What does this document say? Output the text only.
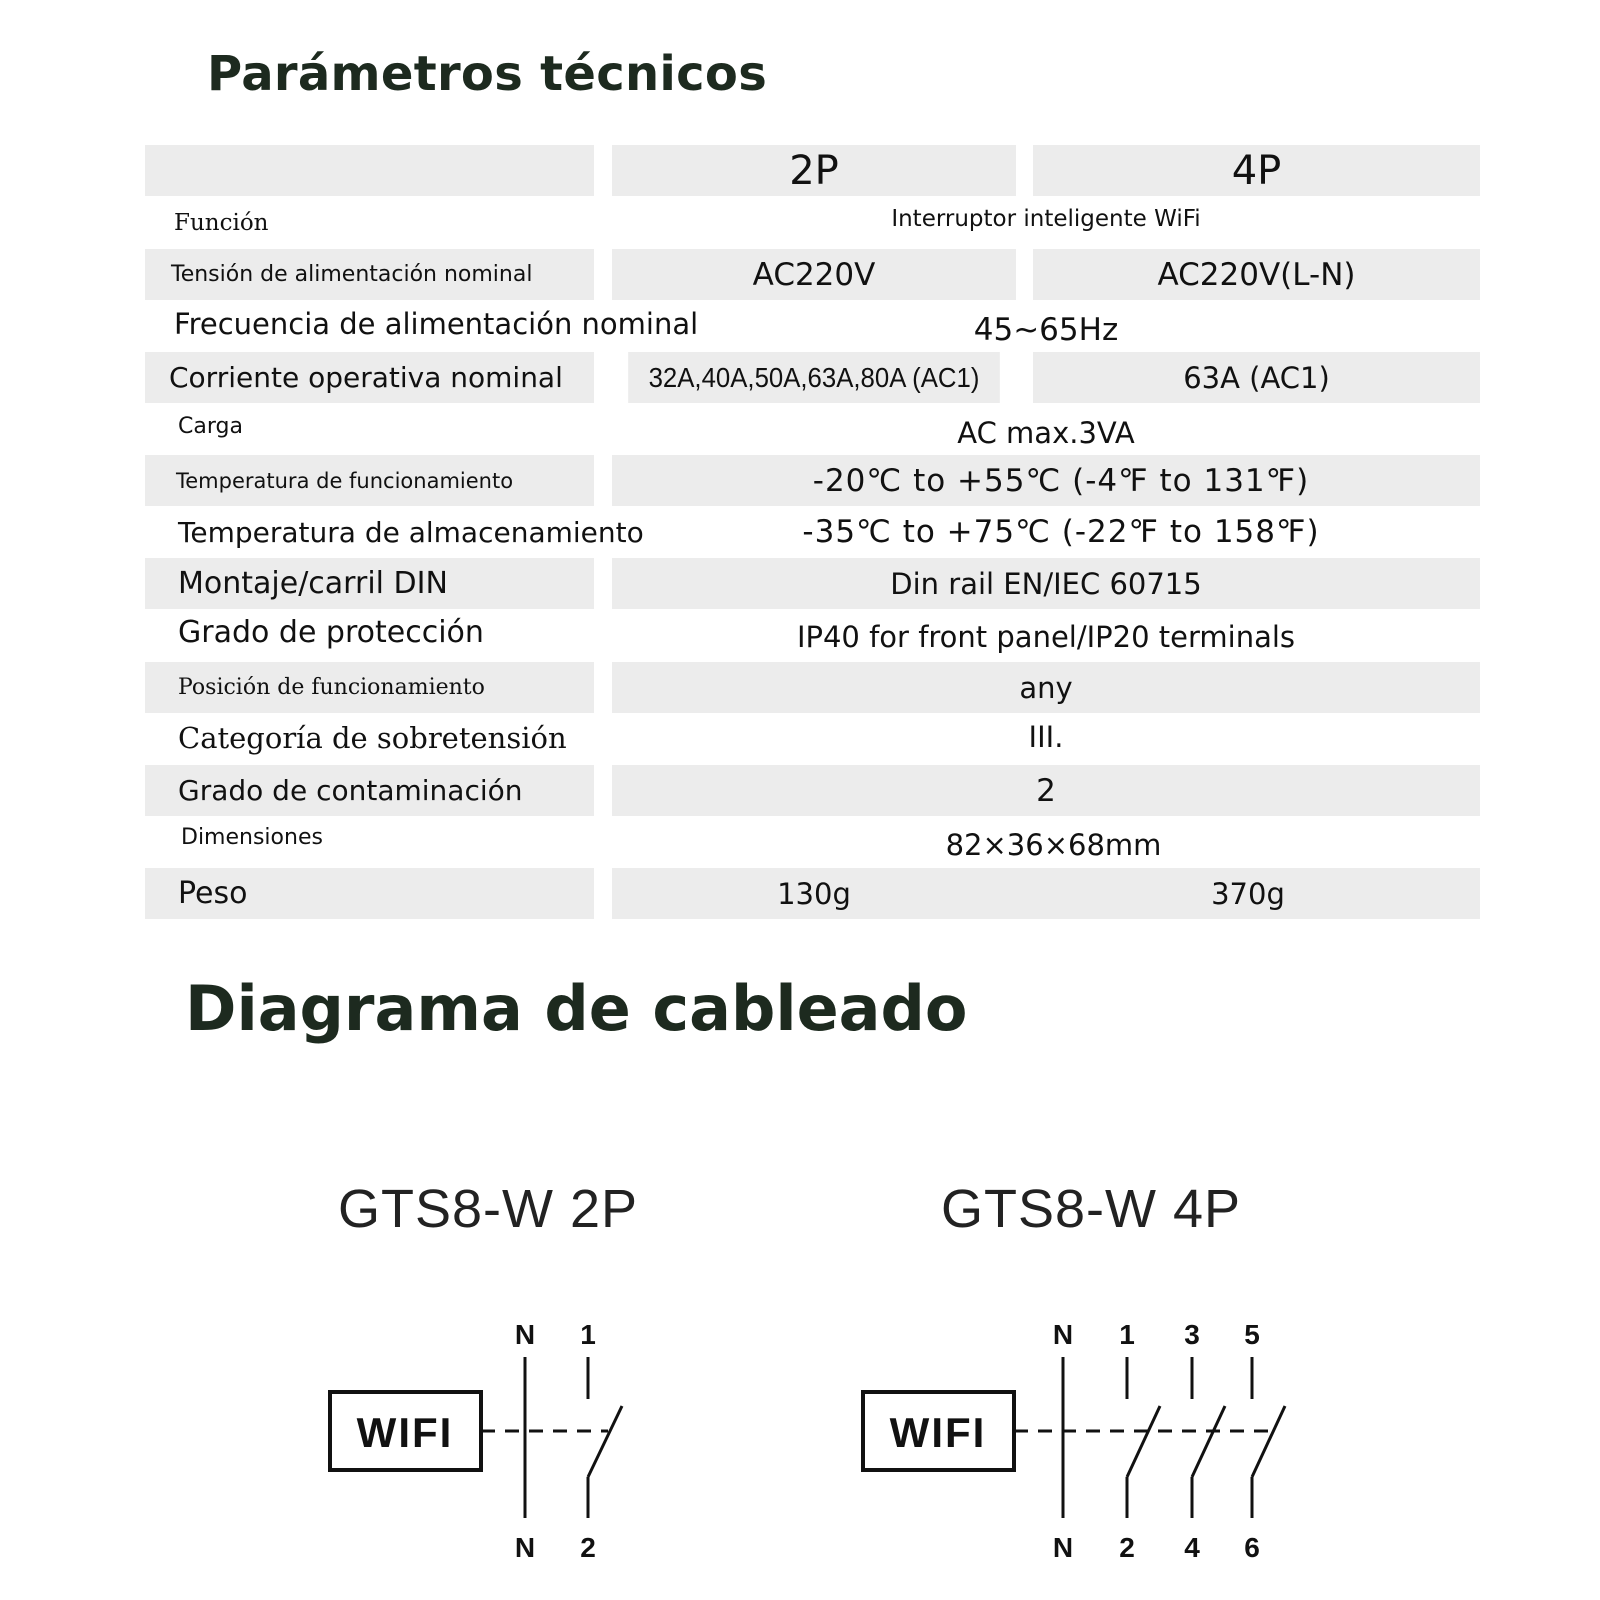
Parámetros técnicos
2P	4P
Función	Interruptor inteligente WiFi
Tensión de alimentación nominal	AC220V	AC220V(L-N)
Frecuencia de alimentación nominal	45~65Hz
Corriente operativa nominal	32A,40A,50A,63A,80A (AC1)	63A (AC1)
Carga	AC max.3VA
Temperatura de funcionamiento	-20℃ to +55℃ (-4℉ to 131℉)
Temperatura de almacenamiento	-35℃ to +75℃ (-22℉ to 158℉)
Montaje/carril DIN	Din rail EN/IEC 60715
Grado de protección	IP40 for front panel/IP20 terminals
Posición de funcionamiento	any
Categoría de sobretensión	III.
Grado de contaminación	2
Dimensiones	82×36×68mm
Peso	130g	370g
Diagrama de cableado
GTS8-W 2P	GTS8-W 4P
WIFI
N 1
N 2
WIFI
N 1 3 5
N 2 4 6
